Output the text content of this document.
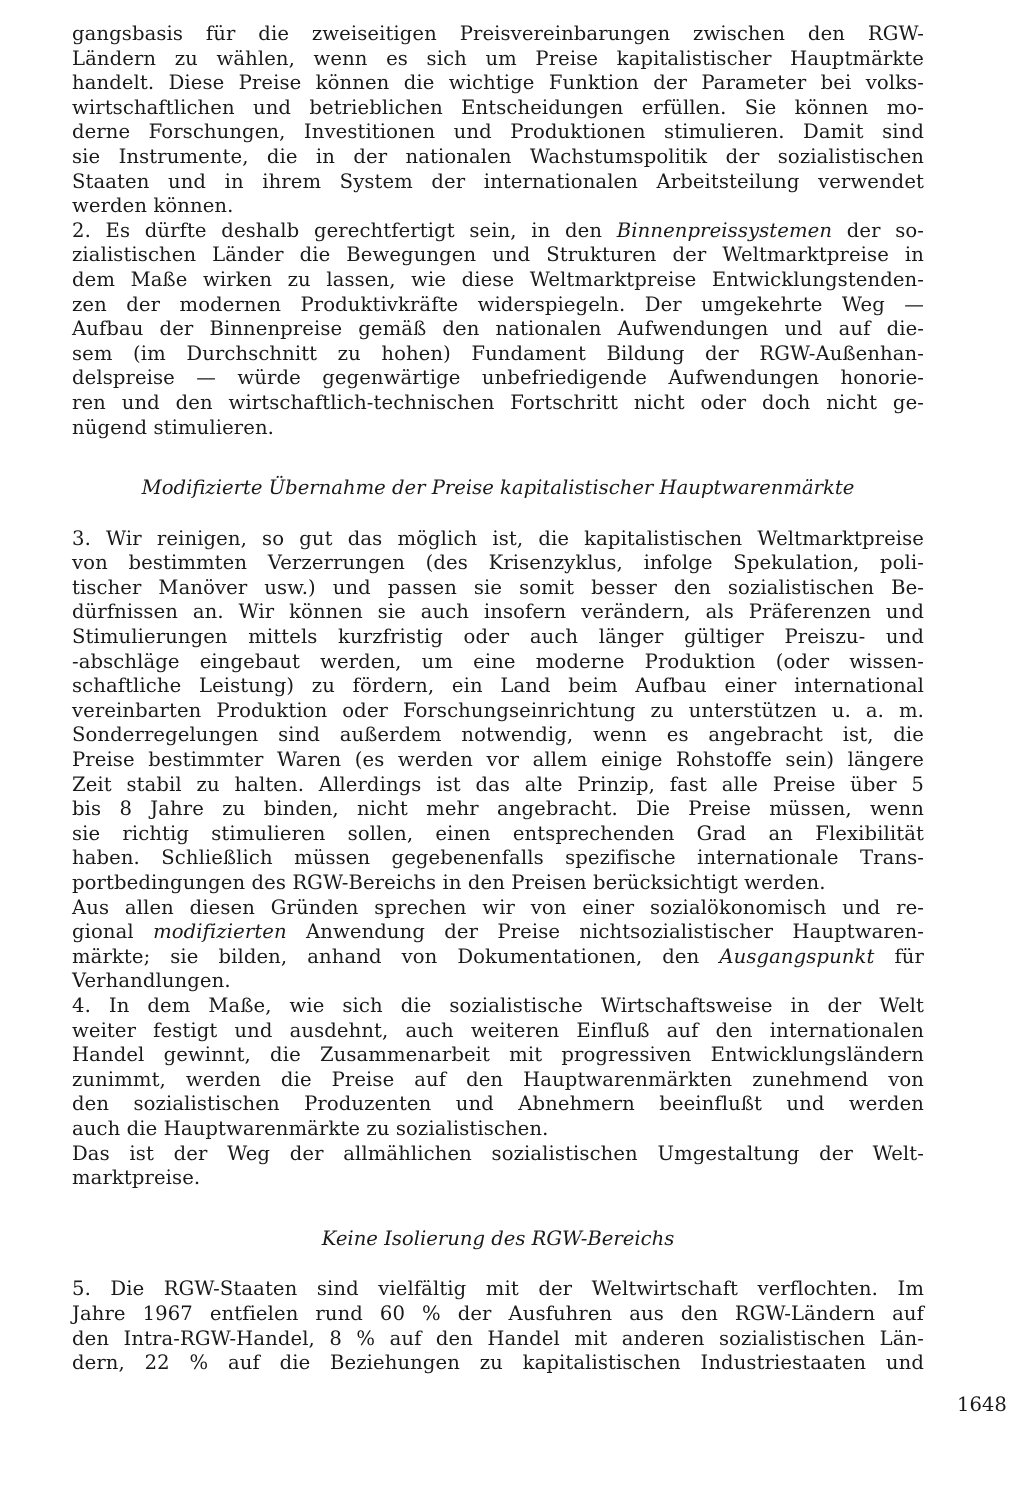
gangsbasis für die zweiseitigen Preisvereinbarungen zwischen den RGW-
Ländern zu wählen, wenn es sich um Preise kapitalistischer Hauptmärkte
handelt. Diese Preise können die wichtige Funktion der Parameter bei volks-
wirtschaftlichen und betrieblichen Entscheidungen erfüllen. Sie können mo-
derne Forschungen, Investitionen und Produktionen stimulieren. Damit sind
sie Instrumente, die in der nationalen Wachstumspolitik der sozialistischen
Staaten und in ihrem System der internationalen Arbeitsteilung verwendet
werden können.
2. Es dürfte deshalb gerechtfertigt sein, in den Binnenpreissystemen der so-
zialistischen Länder die Bewegungen und Strukturen der Weltmarktpreise in
dem Maße wirken zu lassen, wie diese Weltmarktpreise Entwicklungstenden-
zen der modernen Produktivkräfte widerspiegeln. Der umgekehrte Weg —
Aufbau der Binnenpreise gemäß den nationalen Aufwendungen und auf die-
sem (im Durchschnitt zu hohen) Fundament Bildung der RGW-Außenhan-
delspreise — würde gegenwärtige unbefriedigende Aufwendungen honorie-
ren und den wirtschaftlich-technischen Fortschritt nicht oder doch nicht ge-
nügend stimulieren.
Modifizierte Übernahme der Preise kapitalistischer Hauptwarenmärkte
3. Wir reinigen, so gut das möglich ist, die kapitalistischen Weltmarktpreise
von bestimmten Verzerrungen (des Krisenzyklus, infolge Spekulation, poli-
tischer Manöver usw.) und passen sie somit besser den sozialistischen Be-
dürfnissen an. Wir können sie auch insofern verändern, als Präferenzen und
Stimulierungen mittels kurzfristig oder auch länger gültiger Preiszu- und
-abschläge eingebaut werden, um eine moderne Produktion (oder wissen-
schaftliche Leistung) zu fördern, ein Land beim Aufbau einer international
vereinbarten Produktion oder Forschungseinrichtung zu unterstützen u. a. m.
Sonderregelungen sind außerdem notwendig, wenn es angebracht ist, die
Preise bestimmter Waren (es werden vor allem einige Rohstoffe sein) längere
Zeit stabil zu halten. Allerdings ist das alte Prinzip, fast alle Preise über 5
bis 8 Jahre zu binden, nicht mehr angebracht. Die Preise müssen, wenn
sie richtig stimulieren sollen, einen entsprechenden Grad an Flexibilität
haben. Schließlich müssen gegebenenfalls spezifische internationale Trans-
portbedingungen des RGW-Bereichs in den Preisen berücksichtigt werden.
Aus allen diesen Gründen sprechen wir von einer sozialökonomisch und re-
gional modifizierten Anwendung der Preise nichtsozialistischer Hauptwaren-
märkte; sie bilden, anhand von Dokumentationen, den Ausgangspunkt für
Verhandlungen.
4. In dem Maße, wie sich die sozialistische Wirtschaftsweise in der Welt
weiter festigt und ausdehnt, auch weiteren Einfluß auf den internationalen
Handel gewinnt, die Zusammenarbeit mit progressiven Entwicklungsländern
zunimmt, werden die Preise auf den Hauptwarenmärkten zunehmend von
den sozialistischen Produzenten und Abnehmern beeinflußt und werden
auch die Hauptwarenmärkte zu sozialistischen.
Das ist der Weg der allmählichen sozialistischen Umgestaltung der Welt-
marktpreise.
Keine Isolierung des RGW-Bereichs
5. Die RGW-Staaten sind vielfältig mit der Weltwirtschaft verflochten. Im
Jahre 1967 entfielen rund 60 % der Ausfuhren aus den RGW-Ländern auf
den Intra-RGW-Handel, 8 % auf den Handel mit anderen sozialistischen Län-
dern, 22 % auf die Beziehungen zu kapitalistischen Industriestaaten und
1648
